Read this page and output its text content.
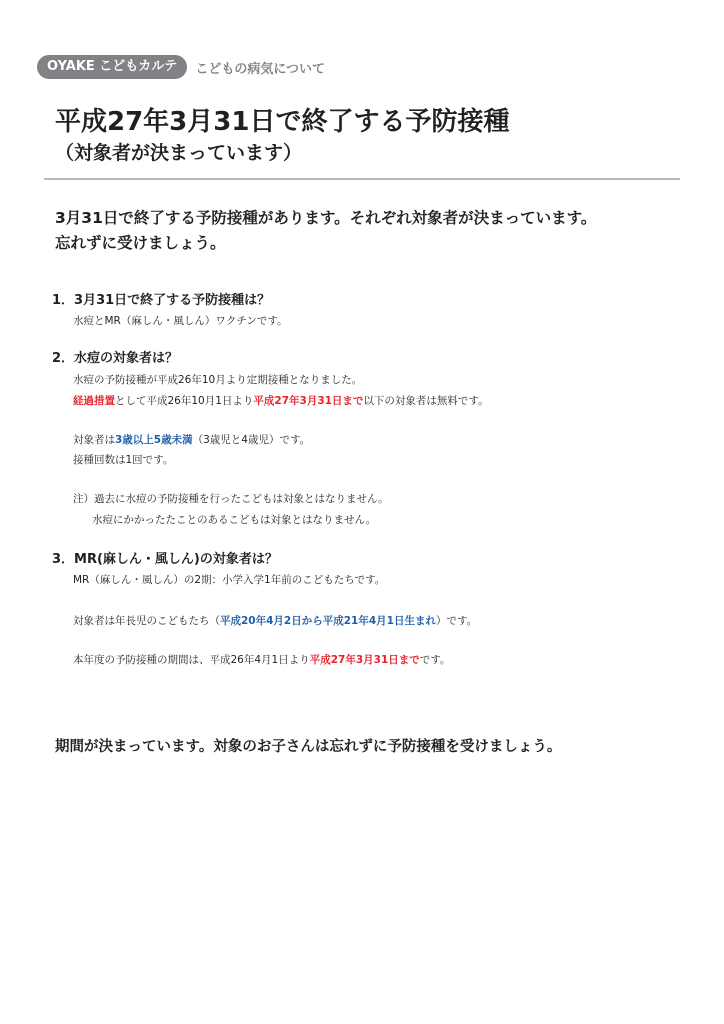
OYAKE こどもカルテ	こどもの病気について
平成27年3月31日で終了する予防接種
（対象者が決まっています）
3月31日で終了する予防接種があります。それぞれ対象者が決まっています。
忘れずに受けましょう。
1．3月31日で終了する予防接種は？
水痘とMR（麻しん・風しん）ワクチンです。
2．水痘の対象者は？
水痘の予防接種が平成26年10月より定期接種となりました。
経過措置として平成26年10月1日より平成27年3月31日まで以下の対象者は無料です。
対象者は3歳以上5歳未満（3歳児と4歳児）です。
接種回数は1回です。
注）過去に水痘の予防接種を行ったこどもは対象とはなりません。
水痘にかかったたことのあるこどもは対象とはなりません。
3．MR(麻しん・風しん)の対象者は？
MR（麻しん・風しん）の2期：小学入学1年前のこどもたちです。
対象者は年長児のこどもたち（平成20年4月2日から平成21年4月1日生まれ）です。
本年度の予防接種の期間は、平成26年4月1日より平成27年3月31日までです。
期間が決まっています。対象のお子さんは忘れずに予防接種を受けましょう。
